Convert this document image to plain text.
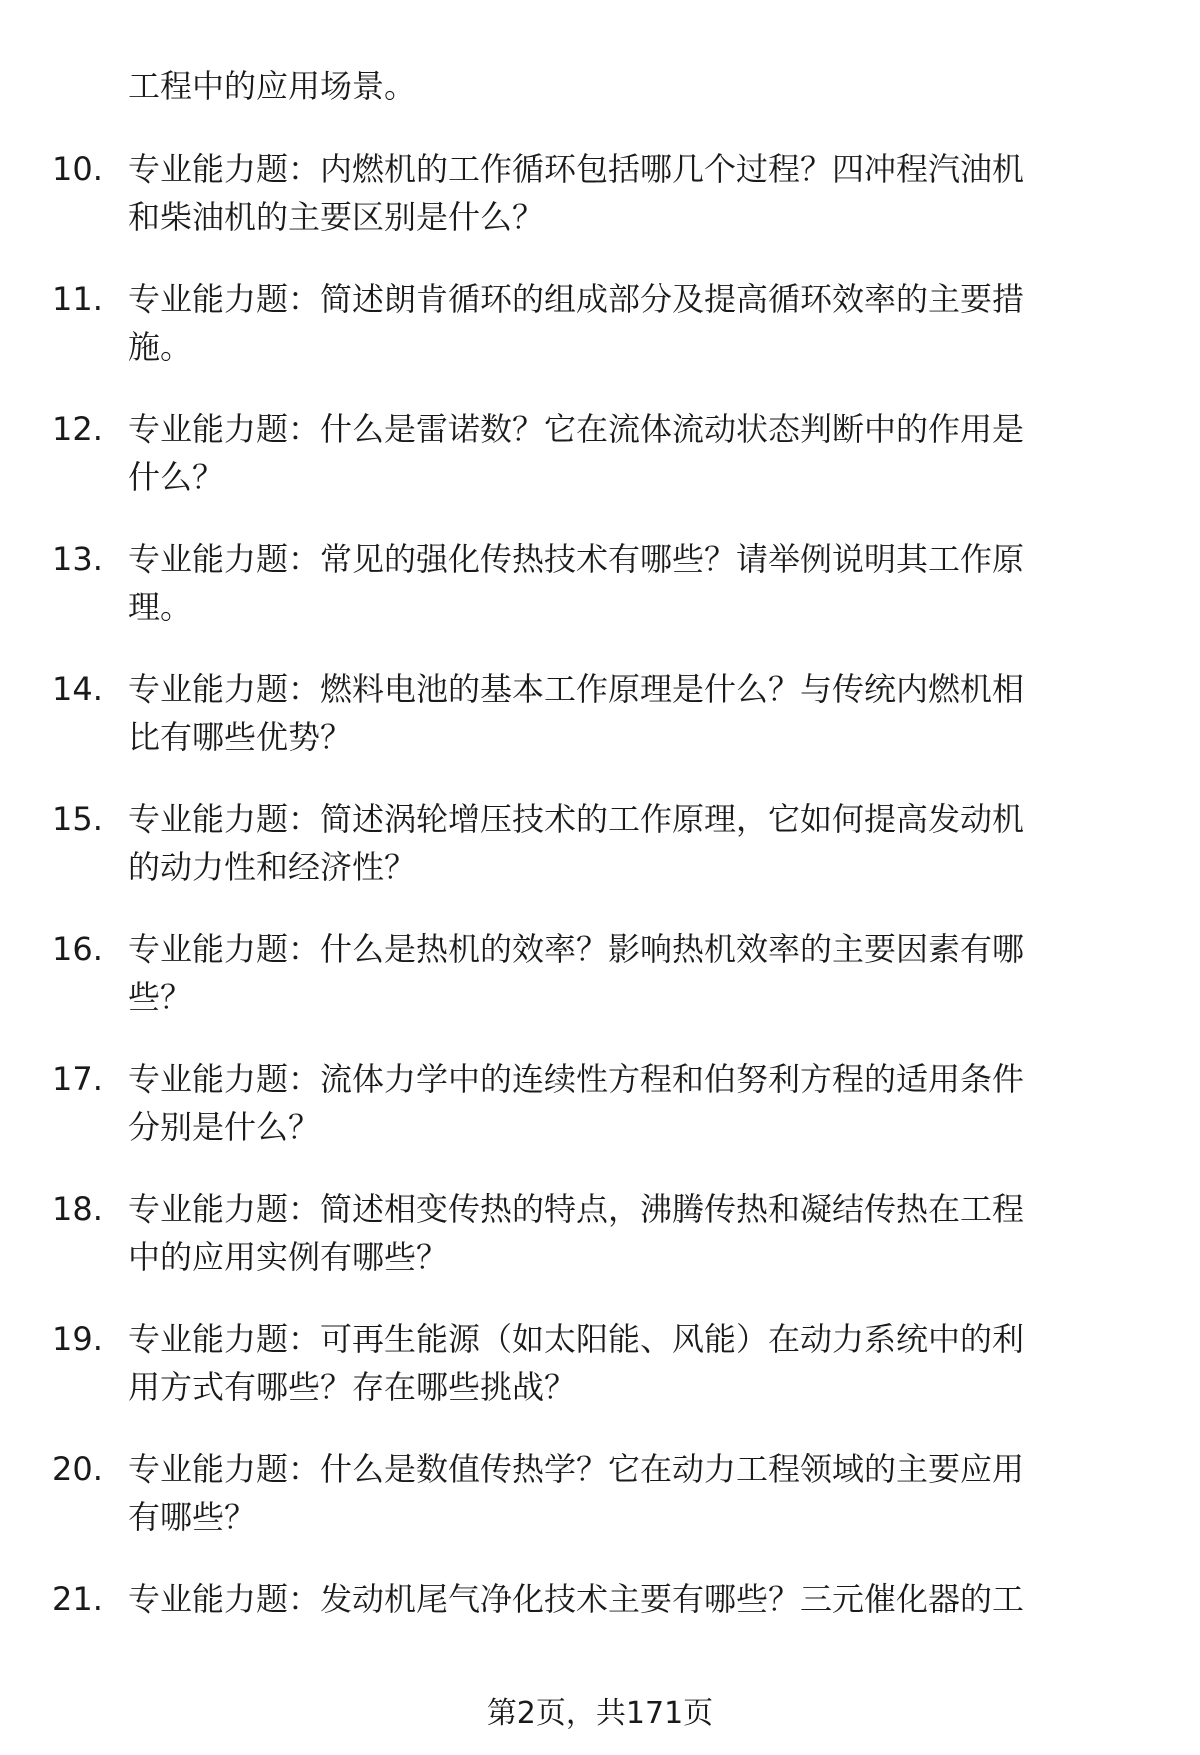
工程中的应用场景。
10. 专业能力题：内燃机的工作循环包括哪几个过程？四冲程汽油机
和柴油机的主要区别是什么？
11. 专业能力题：简述朗肯循环的组成部分及提高循环效率的主要措
施。
12. 专业能力题：什么是雷诺数？它在流体流动状态判断中的作用是
什么？
13. 专业能力题：常见的强化传热技术有哪些？请举例说明其工作原
理。
14. 专业能力题：燃料电池的基本工作原理是什么？与传统内燃机相
比有哪些优势？
15. 专业能力题：简述涡轮增压技术的工作原理，它如何提高发动机
的动力性和经济性？
16. 专业能力题：什么是热机的效率？影响热机效率的主要因素有哪
些？
17. 专业能力题：流体力学中的连续性方程和伯努利方程的适用条件
分别是什么？
18. 专业能力题：简述相变传热的特点，沸腾传热和凝结传热在工程
中的应用实例有哪些？
19. 专业能力题：可再生能源（如太阳能、风能）在动力系统中的利
用方式有哪些？存在哪些挑战？
20. 专业能力题：什么是数值传热学？它在动力工程领域的主要应用
有哪些？
21. 专业能力题：发动机尾气净化技术主要有哪些？三元催化器的工
第2页，共171页
